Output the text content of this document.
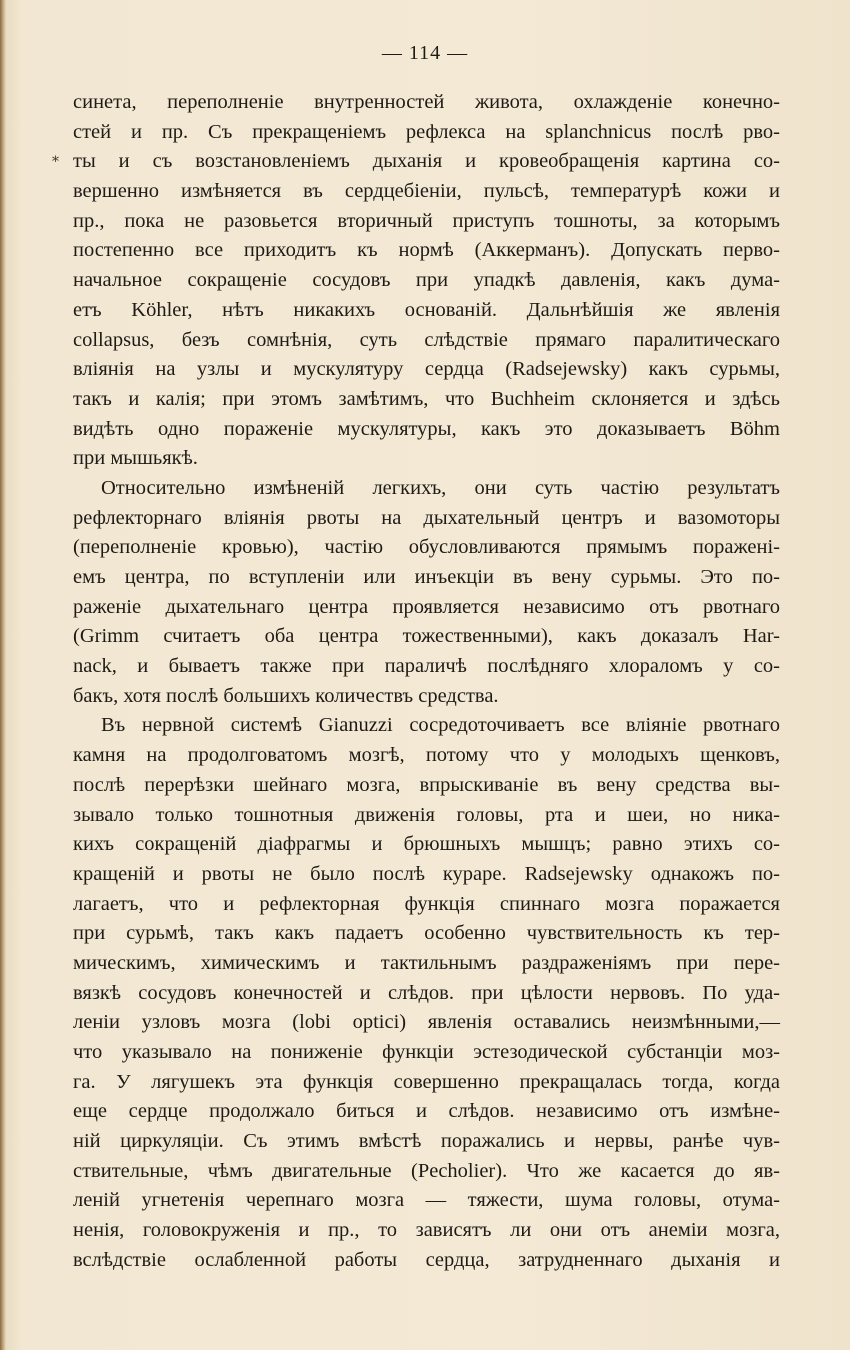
— 114 —
*
синета, переполненіе внутренностей живота, охлажденіе конечно-
стей и пр. Съ прекращеніемъ рефлекса на splanchnicus послѣ рво-
ты и съ возстановленіемъ дыханія и кровеобращенія картина со-
вершенно измѣняется въ сердцебіеніи, пульсѣ, температурѣ кожи и
пр., пока не разовьется вторичный приступъ тошноты, за которымъ
постепенно все приходитъ къ нормѣ (Аккерманъ). Допускать перво-
начальное сокращеніе сосудовъ при упадкѣ давленія, какъ дума-
етъ Köhler, нѣтъ никакихъ основаній. Дальнѣйшія же явленія
collapsus, безъ сомнѣнія, суть слѣдствіе прямаго паралитическаго
вліянія на узлы и мускулятуру сердца (Radsejewsky) какъ сурьмы,
такъ и калія; при этомъ замѣтимъ, что Buchheim склоняется и здѣсь
видѣть одно пораженіе мускулятуры, какъ это доказываетъ Böhm
при мышьякѣ.
Относительно измѣненій легкихъ, они суть частію результатъ
рефлекторнаго вліянія рвоты на дыхательный центръ и вазомоторы
(переполненіе кровью), частію обусловливаются прямымъ пораженi-
емъ центра, по вступленіи или инъекціи въ вену сурьмы. Это по-
раженіе дыхательнаго центра проявляется независимо отъ рвотнаго
(Grimm считаетъ оба центра тожественными), какъ доказалъ Har-
nack, и бываетъ также при параличѣ послѣдняго хлораломъ у со-
бакъ, хотя послѣ большихъ количествъ средства.
Въ нервной системѣ Gianuzzi сосредоточиваетъ все вліяніе рвотнаго
камня на продолговатомъ мозгѣ, потому что у молодыхъ щенковъ,
послѣ перерѣзки шейнаго мозга, впрыскиваніе въ вену средства вы-
зывало только тошнотныя движенія головы, рта и шеи, но ника-
кихъ сокращеній діафрагмы и брюшныхъ мышцъ; равно этихъ со-
кращеній и рвоты не было послѣ кураре. Radsejewsky однакожъ по-
лагаетъ, что и рефлекторная функція спиннаго мозга поражается
при сурьмѣ, такъ какъ падаетъ особенно чувствительность къ тер-
мическимъ, химическимъ и тактильнымъ раздраженіямъ при пере-
вязкѣ сосудовъ конечностей и слѣдов. при цѣлости нервовъ. По уда-
леніи узловъ мозга (lobi optici) явленія оставались неизмѣнными,—
что указывало на пониженіе функціи эстезодической субстанціи моз-
га. У лягушекъ эта функція совершенно прекращалась тогда, когда
еще сердце продолжало биться и слѣдов. независимо отъ измѣне-
ній циркуляціи. Съ этимъ вмѣстѣ поражались и нервы, ранѣе чув-
ствительные, чѣмъ двигательные (Pecholier). Что же касается до яв-
леній угнетенія черепнаго мозга — тяжести, шума головы, отума-
ненія, головокруженія и пр., то зависятъ ли они отъ анеміи мозга,
вслѣдствіе ослабленной работы сердца, затрудненнаго дыханія и
